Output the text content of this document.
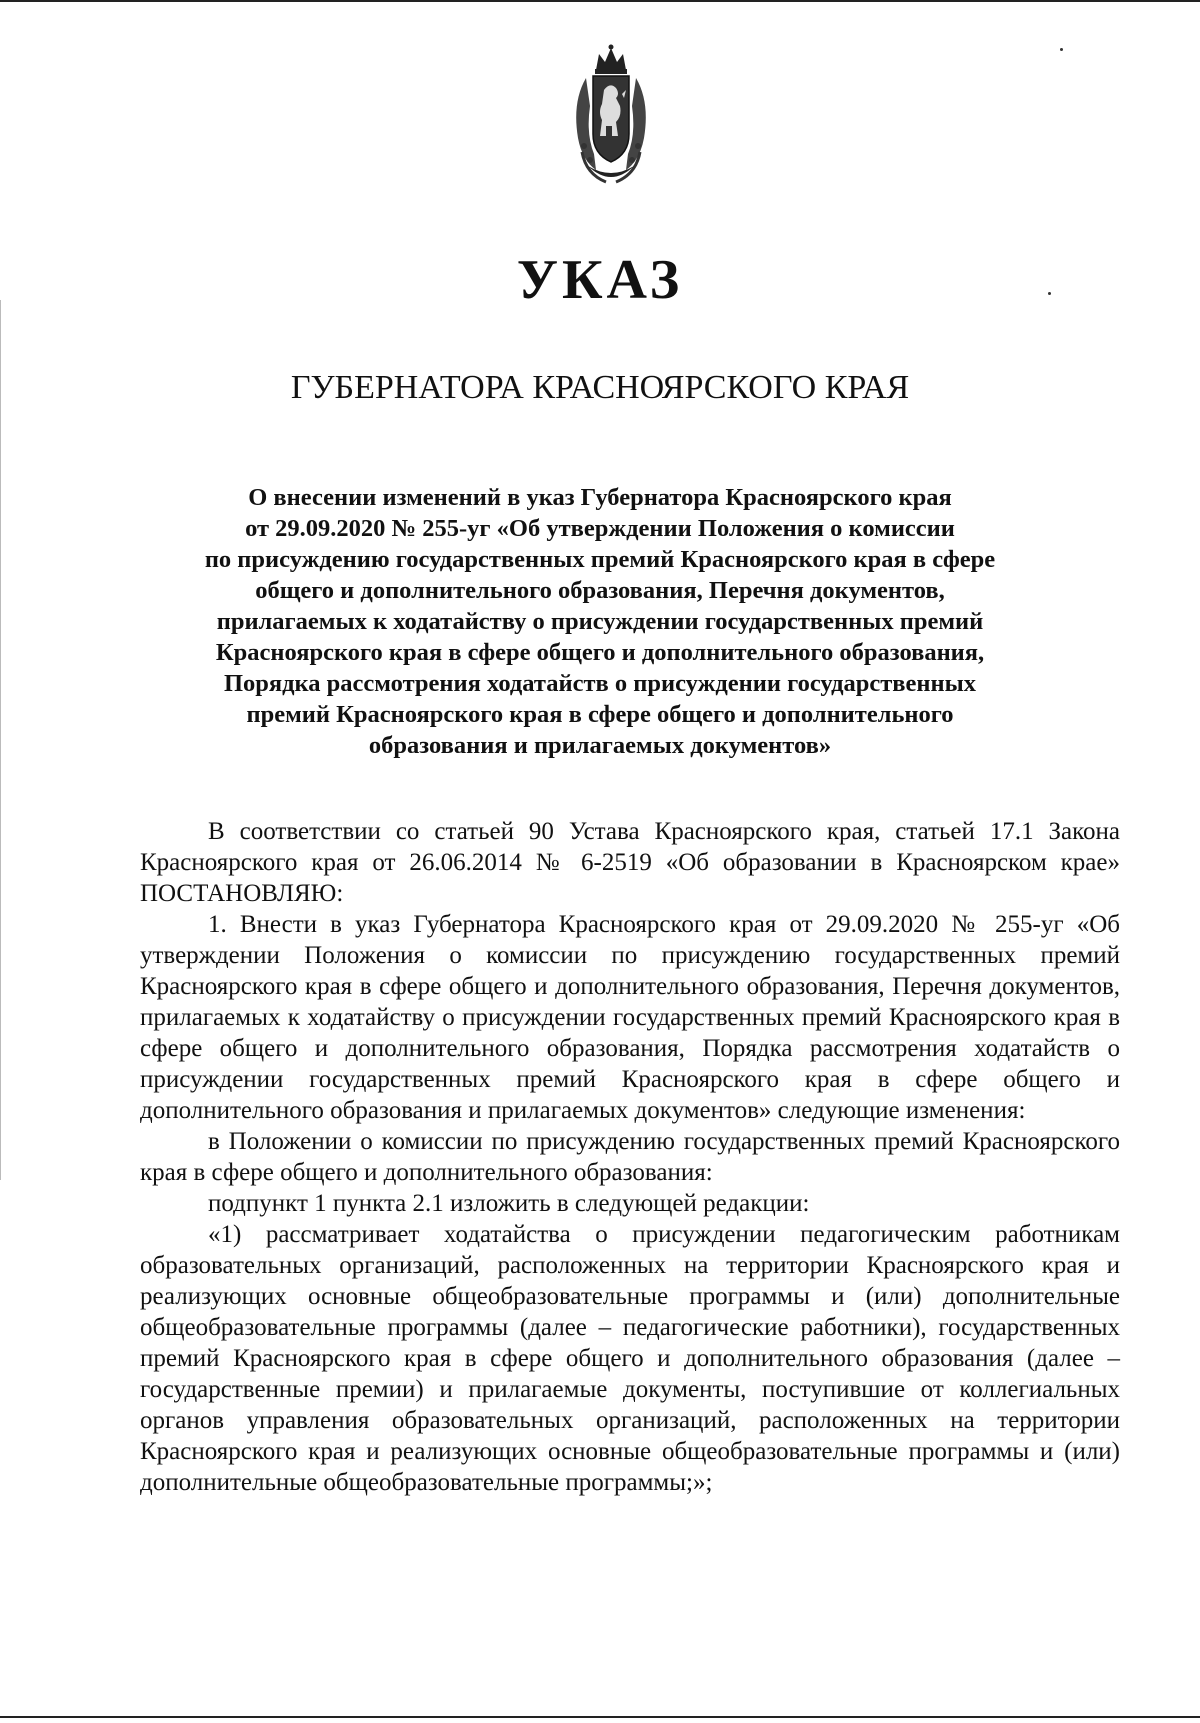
УКАЗ
ГУБЕРНАТОРА КРАСНОЯРСКОГО КРАЯ
О внесении изменений в указ Губернатора Красноярского края
от 29.09.2020 № 255-уг «Об утверждении Положения о комиссии
по присуждению государственных премий Красноярского края в сфере
общего и дополнительного образования, Перечня документов,
прилагаемых к ходатайству о присуждении государственных премий
Красноярского края в сфере общего и дополнительного образования,
Порядка рассмотрения ходатайств о присуждении государственных
премий Красноярского края в сфере общего и дополнительного
образования и прилагаемых документов»

В соответствии со статьей 90 Устава Красноярского края, статьей 17.1 Закона Красноярского края от 26.06.2014 № 6-2519 «Об образовании в Красноярском крае» ПОСТАНОВЛЯЮ:

1. Внести в указ Губернатора Красноярского края от 29.09.2020 № 255-уг «Об утверждении Положения о комиссии по присуждению государственных премий Красноярского края в сфере общего и дополнительного образования, Перечня документов, прилагаемых к ходатайству о присуждении государственных премий Красноярского края в сфере общего и дополнительного образования, Порядка рассмотрения ходатайств о присуждении государственных премий Красноярского края в сфере общего и дополнительного образования и прилагаемых документов» следующие изменения:

в Положении о комиссии по присуждению государственных премий Красноярского края в сфере общего и дополнительного образования:

подпункт 1 пункта 2.1 изложить в следующей редакции:

«1) рассматривает ходатайства о присуждении педагогическим работникам образовательных организаций, расположенных на территории Красноярского края и реализующих основные общеобразовательные программы и (или) дополнительные общеобразовательные программы (далее – педагогические работники), государственных премий Красноярского края в сфере общего и дополнительного образования (далее – государственные премии) и прилагаемые документы, поступившие от коллегиальных органов управления образовательных организаций, расположенных на территории Красноярского края и реализующих основные общеобразовательные программы и (или) дополнительные общеобразовательные программы;»;
